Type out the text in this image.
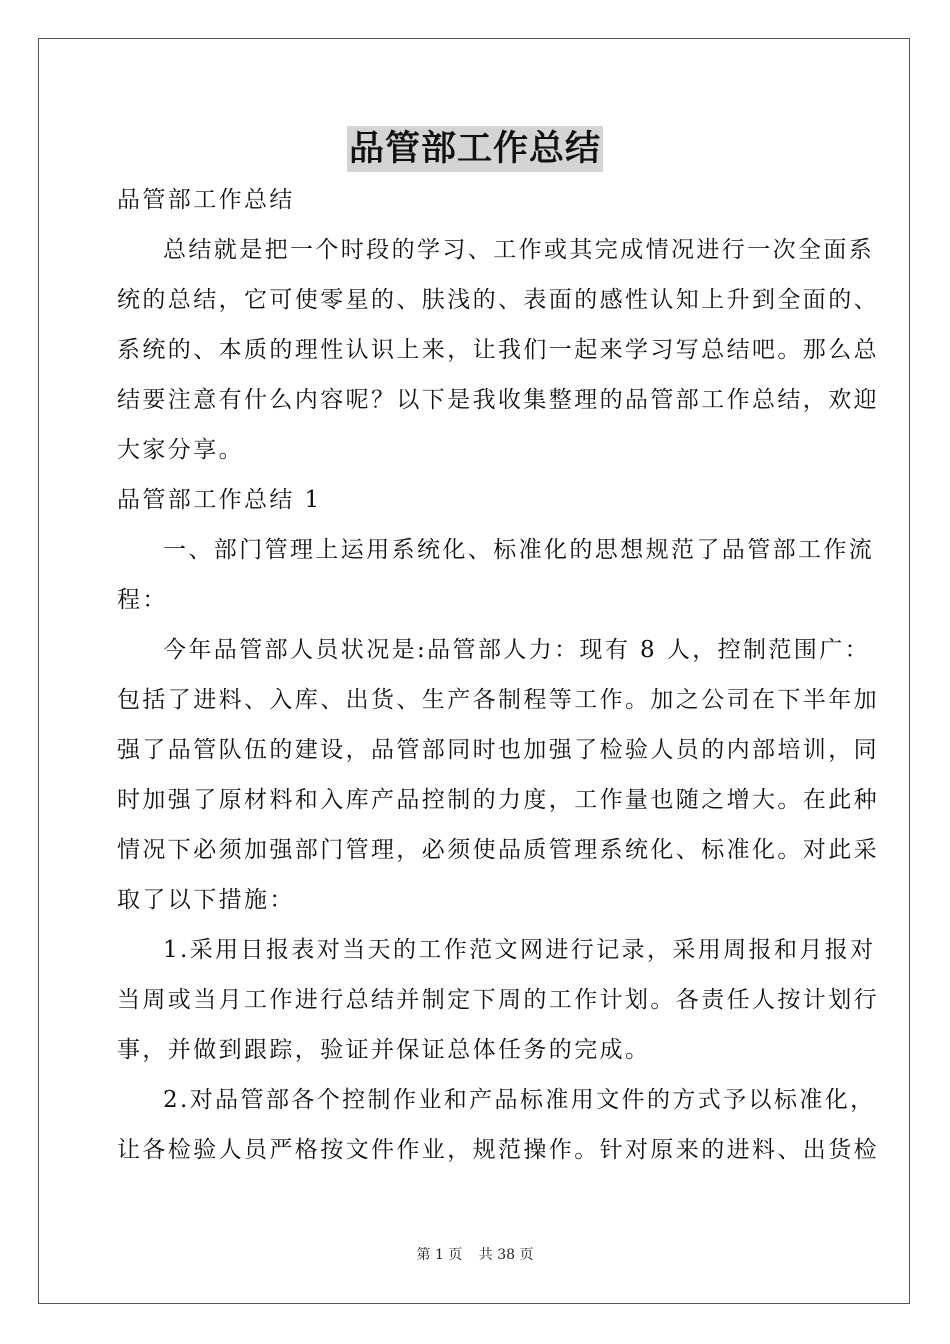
品管部工作总结
品管部工作总结
总结就是把一个时段的学习、工作或其完成情况进行一次全面系
统的总结，它可使零星的、肤浅的、表面的感性认知上升到全面的、
系统的、本质的理性认识上来，让我们一起来学习写总结吧。那么总
结要注意有什么内容呢？以下是我收集整理的品管部工作总结，欢迎
大家分享。
品管部工作总结 1
一、部门管理上运用系统化、标准化的思想规范了品管部工作流
程：
今年品管部人员状况是:品管部人力：现有 8 人，控制范围广：
包括了进料、入库、出货、生产各制程等工作。加之公司在下半年加
强了品管队伍的建设，品管部同时也加强了检验人员的内部培训，同
时加强了原材料和入库产品控制的力度，工作量也随之增大。在此种
情况下必须加强部门管理，必须使品质管理系统化、标准化。对此采
取了以下措施：
1.采用日报表对当天的工作范文网进行记录，采用周报和月报对
当周或当月工作进行总结并制定下周的工作计划。各责任人按计划行
事，并做到跟踪，验证并保证总体任务的完成。
2.对品管部各个控制作业和产品标准用文件的方式予以标准化，
让各检验人员严格按文件作业，规范操作。针对原来的进料、出货检
第 1 页 共 38 页
